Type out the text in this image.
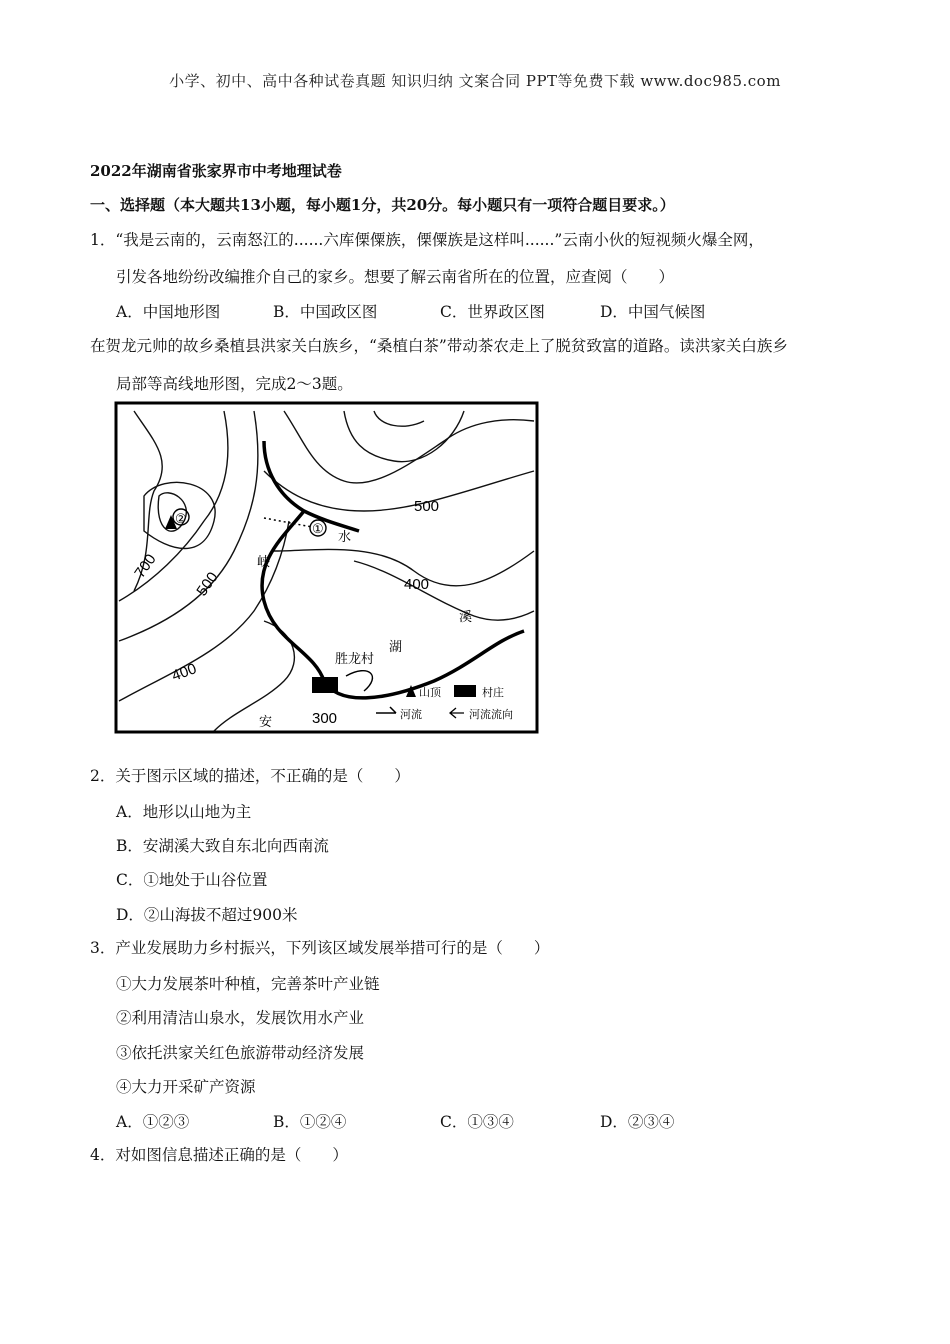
小学、初中、高中各种试卷真题 知识归纳 文案合同 PPT等免费下载 www.doc985.com
2022年湖南省张家界市中考地理试卷
一、选择题（本大题共13小题，每小题1分，共20分。每小题只有一项符合题目要求。）
1．“我是云南的，云南怒江的......六库傈僳族，傈僳族是这样叫......”云南小伙的短视频火爆全网，
引发各地纷纷改编推介自己的家乡。想要了解云南省所在的位置，应查阅（　　）
A．中国地形图	B．中国政区图	C．世界政区图	D．中国气候图
在贺龙元帅的故乡桑植县洪家关白族乡，“桑植白茶”带动茶农走上了脱贫致富的道路。读洪家关白族乡
局部等高线地形图，完成2～3题。
500
400
400
300
700
500
①
②
胜龙村
溪
湖
安
水
峡
山顶	村庄
河流	河流流向
2．关于图示区域的描述，不正确的是（　　）
A．地形以山地为主
B．安湖溪大致自东北向西南流
C．①地处于山谷位置
D．②山海拔不超过900米
3．产业发展助力乡村振兴，下列该区域发展举措可行的是（　　）
①大力发展茶叶种植，完善茶叶产业链
②利用清洁山泉水，发展饮用水产业
③依托洪家关红色旅游带动经济发展
④大力开采矿产资源
A．①②③	B．①②④	C．①③④	D．②③④
4．对如图信息描述正确的是（　　）
